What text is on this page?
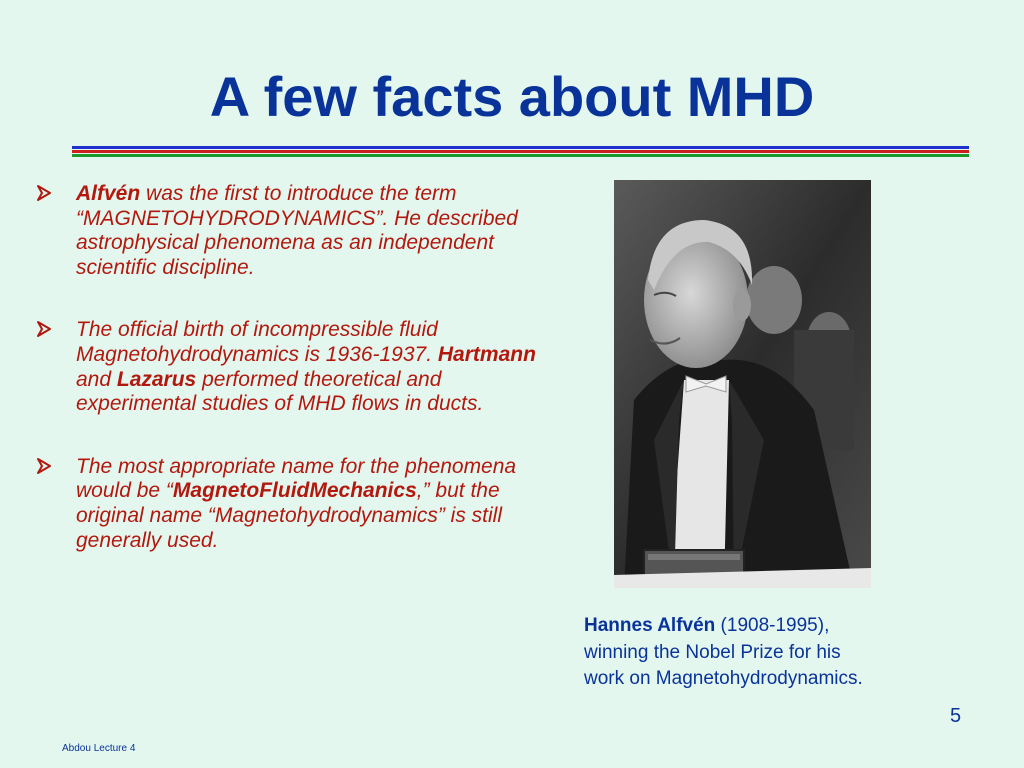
A few facts about MHD
Alfvén was the first to introduce the term “MAGNETOHYDRODYNAMICS”. He described astrophysical phenomena as an independent scientific discipline.
The official birth of incompressible fluid Magnetohydrodynamics is 1936-1937. Hartmann and Lazarus performed theoretical and experimental studies of MHD flows in ducts.
The most appropriate name for the phenomena would be “MagnetoFluidMechanics,” but the original name “Magnetohydrodynamics” is still generally used.
Hannes Alfvén (1908-1995),
winning the Nobel Prize for his
work on Magnetohydrodynamics.
5
Abdou Lecture 4
